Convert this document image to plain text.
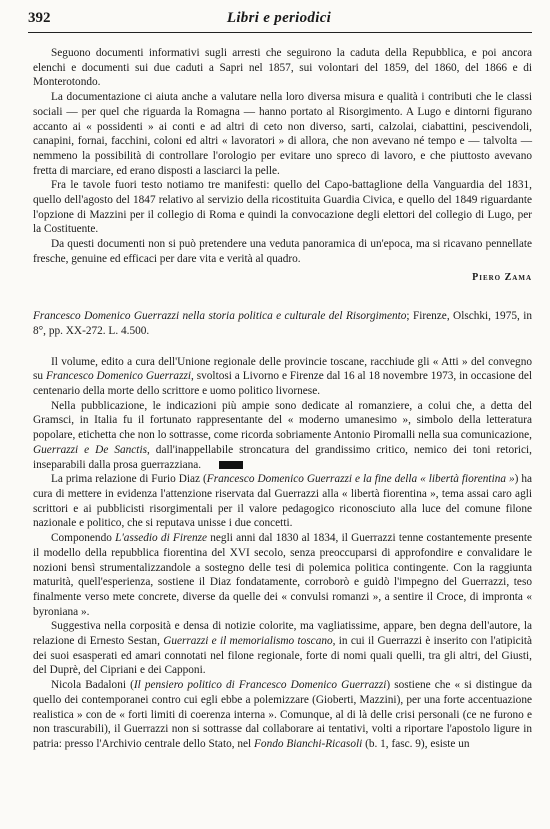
392	Libri e periodici

Seguono documenti informativi sugli arresti che seguirono la caduta della Repubblica, e poi ancora elenchi e documenti sui due caduti a Sapri nel 1857, sui volontari del 1859, del 1860, del 1866 e di Monterotondo.

La documentazione ci aiuta anche a valutare nella loro diversa misura e qualità i contributi che le classi sociali — per quel che riguarda la Romagna — hanno portato al Risorgimento. A Lugo e dintorni figurano accanto ai « possidenti » ai conti e ad altri di ceto non diverso, sarti, calzolai, ciabattini, pescivendoli, canapini, fornai, facchini, coloni ed altri « lavoratori » di allora, che non avevano né tempo e — talvolta — nemmeno la possibilità di controllare l'orologio per evitare uno spreco di lavoro, e che piuttosto avevano fretta di marciare, ed erano disposti a lasciarci la pelle.

Fra le tavole fuori testo notiamo tre manifesti: quello del Capo-battaglione della Vanguardia del 1831, quello dell'agosto del 1847 relativo al servizio della ricostituita Guardia Civica, e quello del 1849 riguardante l'opzione di Mazzini per il collegio di Roma e quindi la convocazione degli elettori del collegio di Lugo, per la Costituente.

Da questi documenti non si può pretendere una veduta panoramica di un'epoca, ma si ricavano pennellate fresche, genuine ed efficaci per dare vita e verità al quadro.

Piero Zama

Francesco Domenico Guerrazzi nella storia politica e culturale del Risorgimento; Firenze, Olschki, 1975, in 8°, pp. XX-272. L. 4.500.

Il volume, edito a cura dell'Unione regionale delle provincie toscane, racchiude gli « Atti » del convegno su Francesco Domenico Guerrazzi, svoltosi a Livorno e Firenze dal 16 al 18 novembre 1973, in occasione del centenario della morte dello scrittore e uomo politico livornese.

Nella pubblicazione, le indicazioni più ampie sono dedicate al romanziere, a colui che, a detta del Gramsci, in Italia fu il fortunato rappresentante del « moderno umanesimo », simbolo della letteratura popolare, etichetta che non lo sottrasse, come ricorda sobriamente Antonio Piromalli nella sua comunicazione, Guerrazzi e De Sanctis, dall'inappellabile stroncatura del grandissimo critico, nemico dei toni retorici, inseparabili dalla prosa guerrazziana.

La prima relazione di Furio Diaz (Francesco Domenico Guerrazzi e la fine della « libertà fiorentina ») ha cura di mettere in evidenza l'attenzione riservata dal Guerrazzi alla « libertà fiorentina », tema assai caro agli scrittori e ai pubblicisti risorgimentali per il valore pedagogico riconosciuto alla luce del comune filone nazionale e politico, che si reputava unisse i due concetti.

Componendo L'assedio di Firenze negli anni dal 1830 al 1834, il Guerrazzi tenne costantemente presente il modello della repubblica fiorentina del XVI secolo, senza preoccuparsi di approfondire e convalidare le nozioni bensì strumentalizzandole a sostegno delle tesi di polemica politica contingente. Con la raggiunta maturità, quell'esperienza, sostiene il Diaz fondatamente, corroborò e guidò l'impegno del Guerrazzi, teso finalmente verso mete concrete, diverse da quelle dei « convulsi romanzi », a sentire il Croce, di impronta « byroniana ».

Suggestiva nella corposità e densa di notizie colorite, ma vagliatissime, appare, ben degna dell'autore, la relazione di Ernesto Sestan, Guerrazzi e il memorialismo toscano, in cui il Guerrazzi è inserito con l'atipicità dei suoi esasperati ed amari connotati nel filone regionale, forte di nomi quali quelli, tra gli altri, del Giusti, del Duprè, del Cipriani e dei Capponi.

Nicola Badaloni (Il pensiero politico di Francesco Domenico Guerrazzi) sostiene che « si distingue da quello dei contemporanei contro cui egli ebbe a polemizzare (Gioberti, Mazzini), per una forte accentuazione realistica » con de « forti limiti di coerenza interna ». Comunque, al di là delle crisi personali (ce ne furono e non trascurabili), il Guerrazzi non si sottrasse dal collaborare ai tentativi, volti a riportare l'apostolo ligure in patria: presso l'Archivio centrale dello Stato, nel Fondo Bianchi-Ricasoli (b. 1, fasc. 9), esiste un
